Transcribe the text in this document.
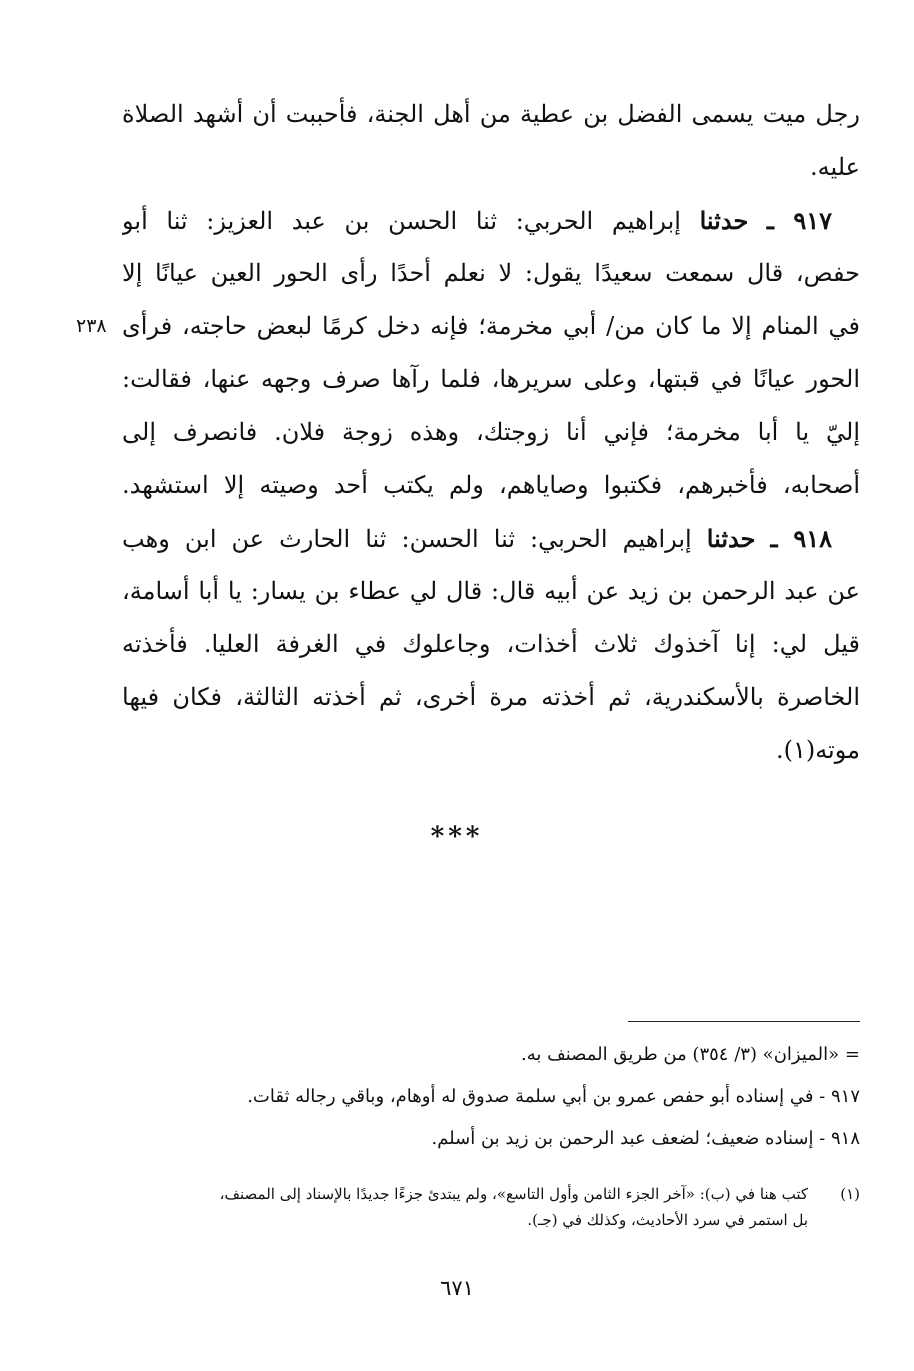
رجل ميت يسمى الفضل بن عطية من أهل الجنة، فأحببت أن أشهد الصلاة
عليه.
٩١٧ ـ حدثنا إبراهيم الحربي: ثنا الحسن بن عبد العزيز: ثنا أبو
حفص، قال سمعت سعيدًا يقول: لا نعلم أحدًا رأى الحور العين عيانًا إلا
في المنام إلا ما كان من/ أبي مخرمة؛ فإنه دخل كرمًا لبعض حاجته، فرأى
الحور عيانًا في قبتها، وعلى سريرها، فلما رآها صرف وجهه عنها، فقالت:
إليّ يا أبا مخرمة؛ فإني أنا زوجتك، وهذه زوجة فلان. فانصرف إلى
أصحابه، فأخبرهم، فكتبوا وصاياهم، ولم يكتب أحد وصيته إلا استشهد.
٩١٨ ـ حدثنا إبراهيم الحربي: ثنا الحسن: ثنا الحارث عن ابن وهب
عن عبد الرحمن بن زيد عن أبيه قال: قال لي عطاء بن يسار: يا أبا أسامة،
قيل لي: إنا آخذوك ثلاث أخذات، وجاعلوك في الغرفة العليا. فأخذته
الخاصرة بالأسكندرية، ثم أخذته مرة أخرى، ثم أخذته الثالثة، فكان فيها
موته(١).
٢٣٨
***
= «الميزان» (٣/ ٣٥٤) من طريق المصنف به.
٩١٧ - في إسناده أبو حفص عمرو بن أبي سلمة صدوق له أوهام، وباقي رجاله ثقات.
٩١٨ - إسناده ضعيف؛ لضعف عبد الرحمن بن زيد بن أسلم.
(١)
كتب هنا في (ب): «آخر الجزء الثامن وأول التاسع»، ولم يبتدئ جزءًا جديدًا بالإسناد إلى المصنف،
بل استمر في سرد الأحاديث، وكذلك في (جـ).
٦٧١
